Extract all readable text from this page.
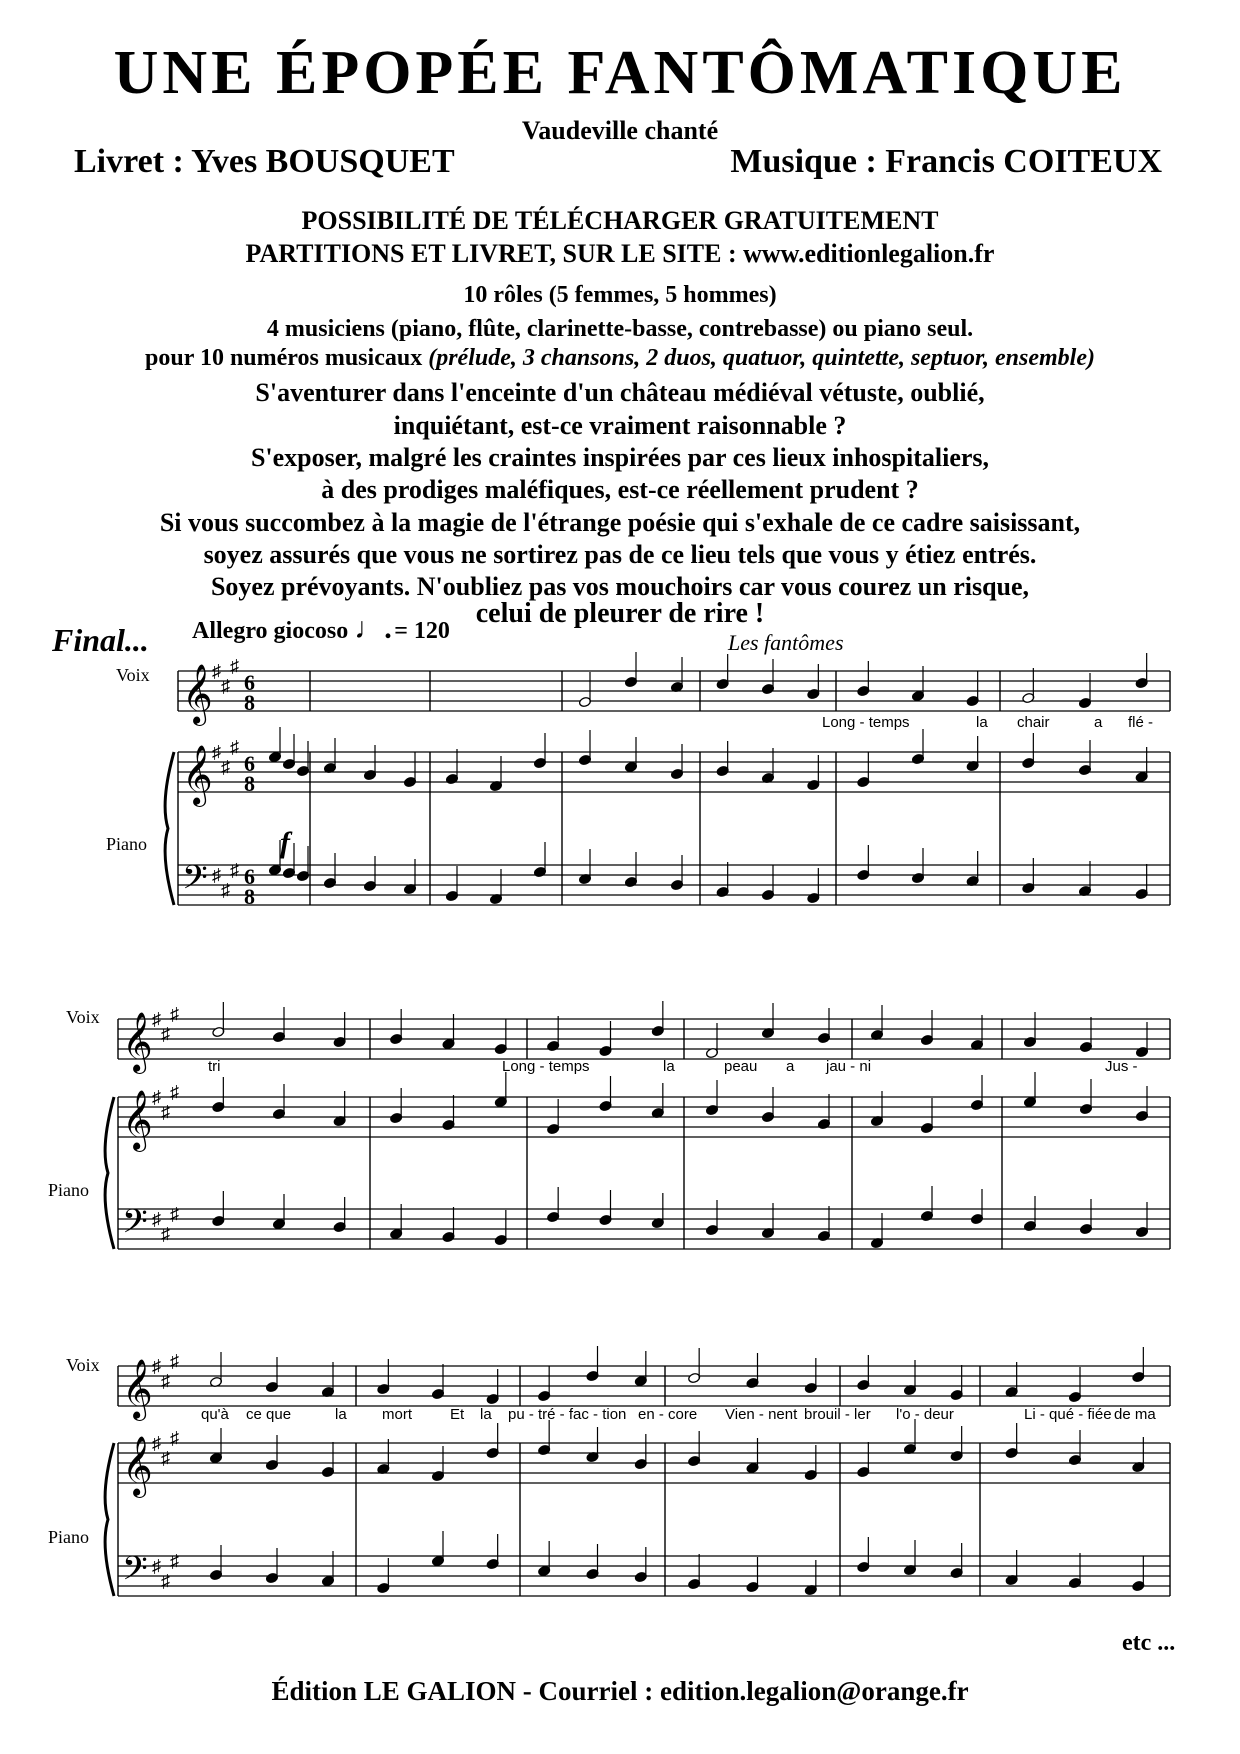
UNE ÉPOPÉE FANTÔMATIQUE
Vaudeville chanté
Livret : Yves BOUSQUET	Musique : Francis COITEUX
POSSIBILITÉ DE TÉLÉCHARGER GRATUITEMENT
PARTITIONS ET LIVRET, SUR LE SITE : www.editionlegalion.fr
10 rôles (5 femmes, 5 hommes)
4 musiciens (piano, flûte, clarinette-basse, contrebasse) ou piano seul.
pour 10 numéros musicaux (prélude, 3 chansons, 2 duos, quatuor, quintette, septuor, ensemble)
S'aventurer dans l'enceinte d'un château médiéval vétuste, oublié,
inquiétant, est-ce vraiment raisonnable ?
S'exposer, malgré les craintes inspirées par ces lieux inhospitaliers,
à des prodiges maléfiques, est-ce réellement prudent ?
Si vous succombez à la magie de l'étrange poésie qui s'exhale de ce cadre saisissant,
soyez assurés que vous ne sortirez pas de ce lieu tels que vous y étiez entrés.
Soyez prévoyants. N'oubliez pas vos mouchoirs car vous courez un risque,
celui de pleurer de rire !
Final... Allegro giocoso ♩. = 120	Les fantômes
Voix
Piano
Voix
Piano
Voix
Piano
f
𝄞
𝄞
𝄢
♯
♯
♯
♯
♯
♯
♯
♯
♯
6
8
6
8
6
8
𝄞
𝄞
𝄢
♯
♯
♯
♯
♯
♯
♯
♯
♯
𝄞
𝄞
𝄢
♯
♯
♯
♯
♯
♯
♯
♯
♯
Long - temps	la chair	a flé -
tri	Long - temps	la	peau a jau - ni	Jus -
qu'à ce que	la mort	Et la pu - tré - fac - tion en - core Vien - nent brouil - ler l'o - deur	Li - qué - fiée de ma
etc ...
Édition LE GALION - Courriel : edition.legalion@orange.fr
